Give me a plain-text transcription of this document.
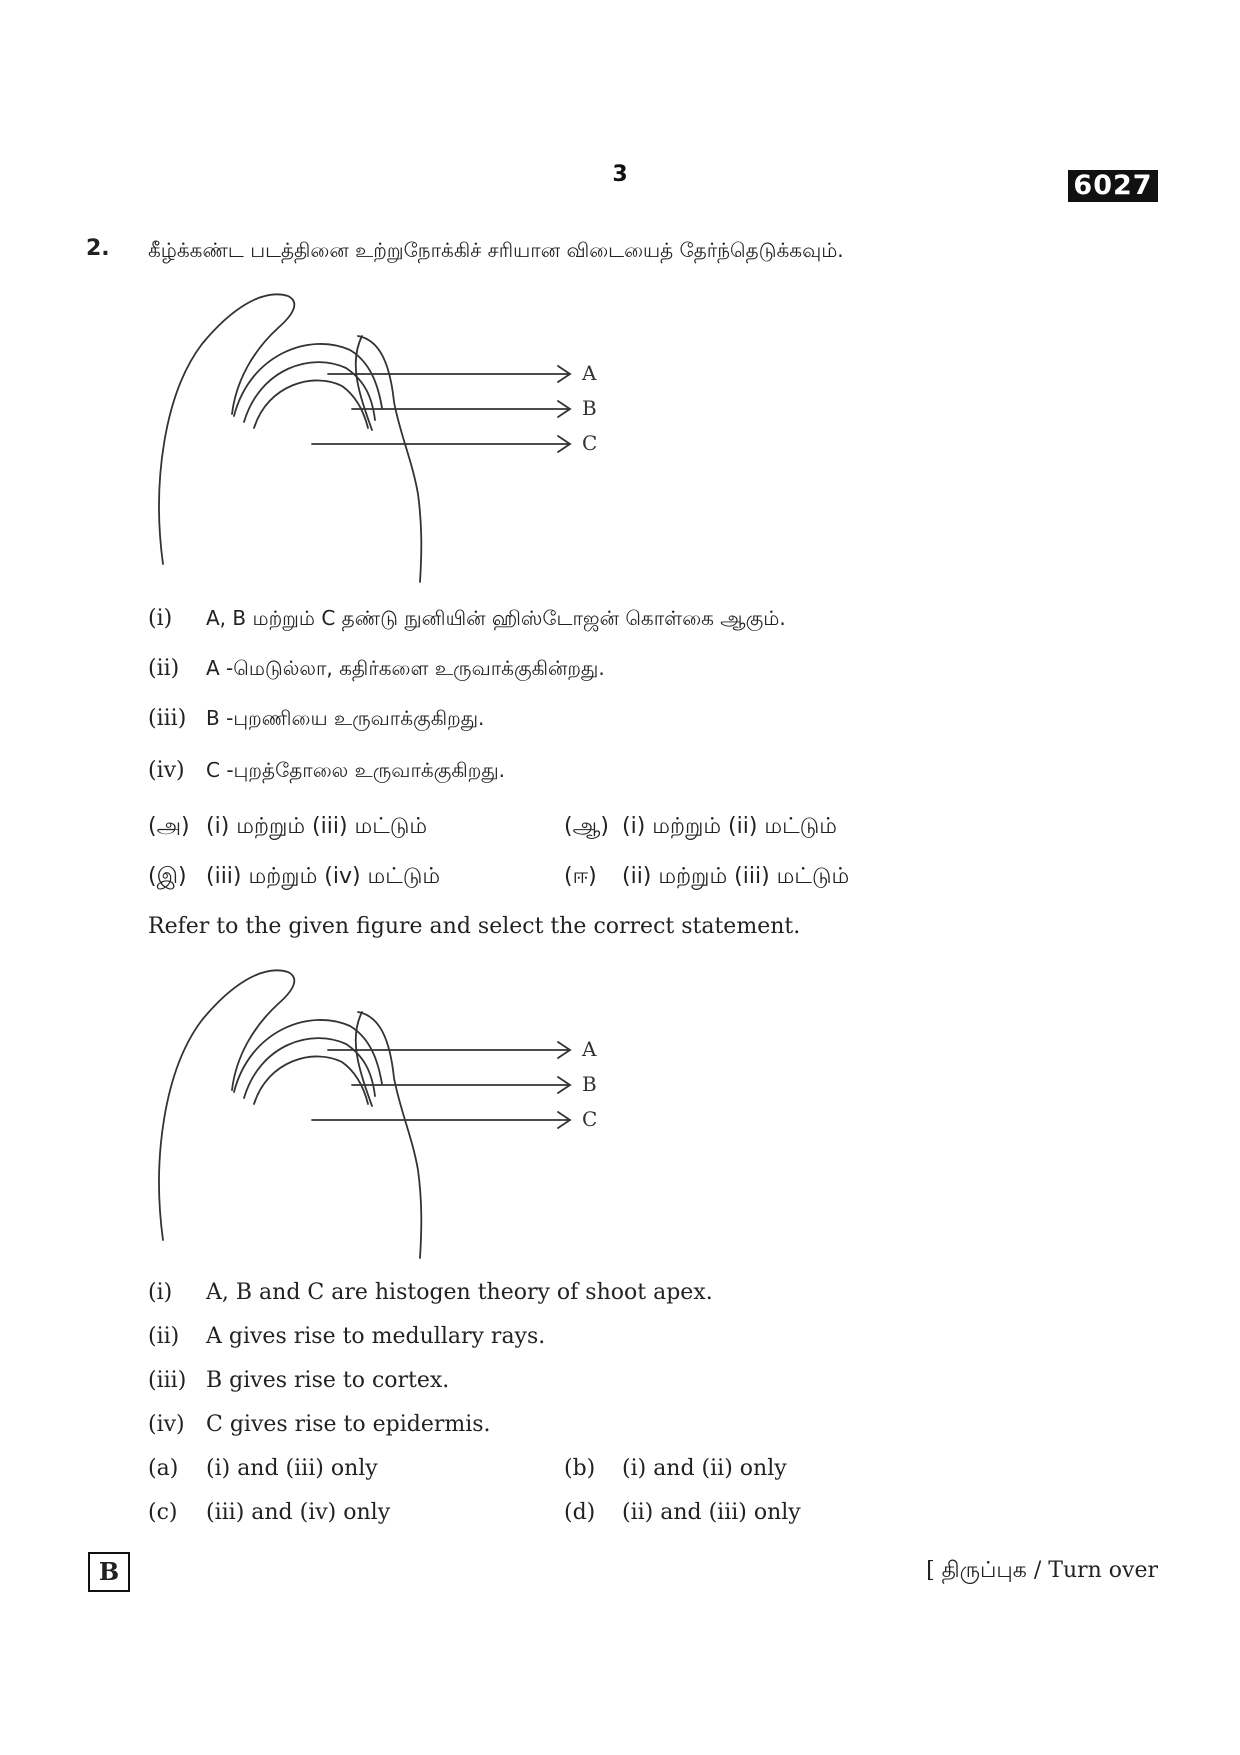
3	6027
2. கீழ்க்கண்ட படத்தினை உற்றுநோக்கிச் சரியான விடையைத் தேர்ந்தெடுக்கவும்.
A
B
C
(i) A, B மற்றும் C தண்டு நுனியின் ஹிஸ்டோஜன் கொள்கை ஆகும்.
(ii) A -மெடுல்லா, கதிர்களை உருவாக்குகின்றது.
(iii) B -புறணியை உருவாக்குகிறது.
(iv) C -புறத்தோலை உருவாக்குகிறது.
(அ) (i) மற்றும் (iii) மட்டும்	(ஆ) (i) மற்றும் (ii) மட்டும்
(இ) (iii) மற்றும் (iv) மட்டும்	(ஈ) (ii) மற்றும் (iii) மட்டும்
Refer to the given figure and select the correct statement.
A
B
C
(i) A, B and C are histogen theory of shoot apex.
(ii) A gives rise to medullary rays.
(iii) B gives rise to cortex.
(iv) C gives rise to epidermis.
(a) (i) and (iii) only	(b) (i) and (ii) only
(c) (iii) and (iv) only	(d) (ii) and (iii) only
B	[ திருப்புக / Turn over
